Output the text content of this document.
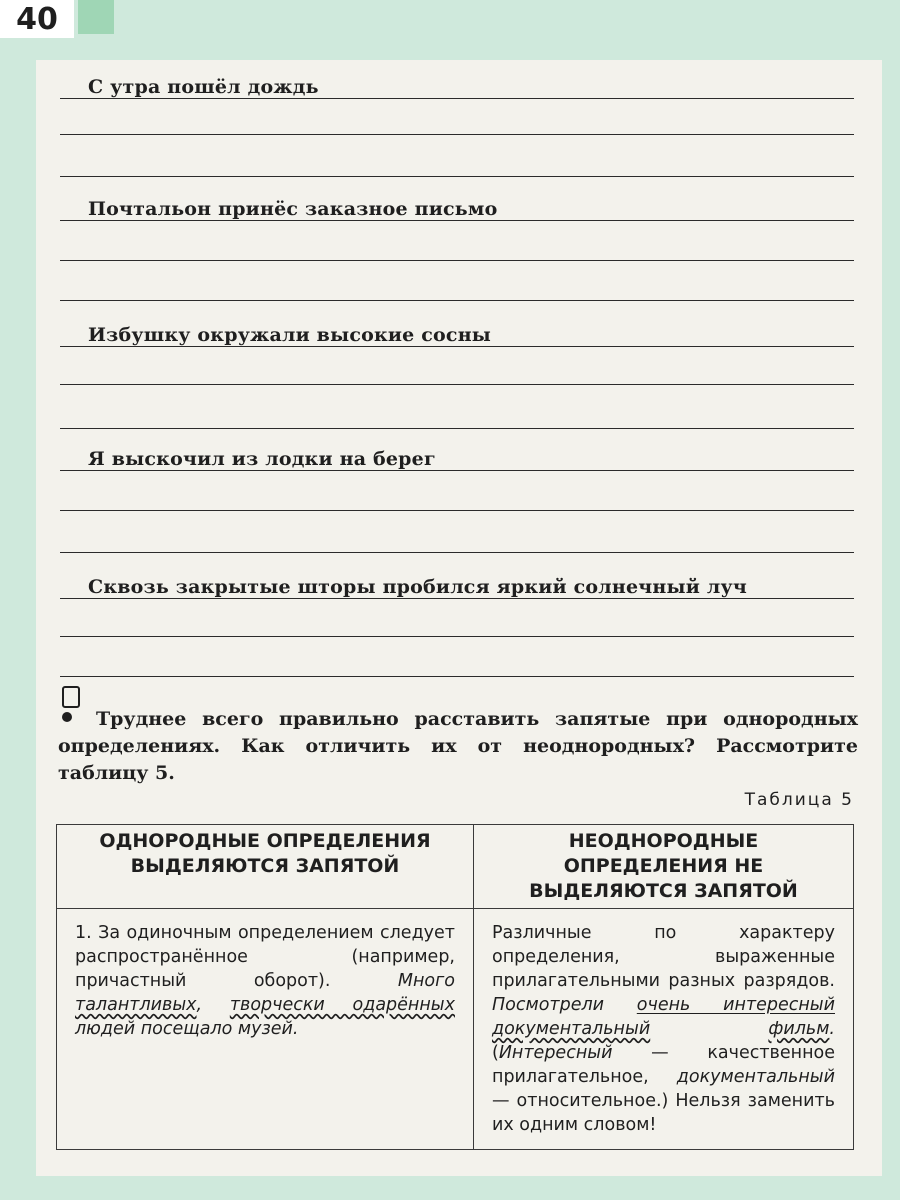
40
С утра пошёл дождь
Почтальон принёс заказное письмо
Избушку окружали высокие сосны
Я выскочил из лодки на берег
Сквозь закрытые шторы пробился яркий солнечный луч
Труднее всего правильно расставить запятые при однородных определениях. Как отличить их от неоднородных? Рассмотрите таблицу 5.
Таблица 5
ОДНОРОДНЫЕ ОПРЕДЕЛЕНИЯ ВЫДЕЛЯЮТСЯ ЗАПЯТОЙ	НЕОДНОРОДНЫЕ ОПРЕДЕЛЕНИЯ НЕ ВЫДЕЛЯЮТСЯ ЗАПЯТОЙ
1. За одиночным определением следует распространённое (например, причастный оборот). Много талантливых, творчески одарённых людей посещало музей.	Различные по характеру определения, выраженные прилагательными разных разрядов. Посмотрели очень интересный документальный фильм. (Интересный — качественное прилагательное, документальный — относительное.) Нельзя заменить их одним словом!
